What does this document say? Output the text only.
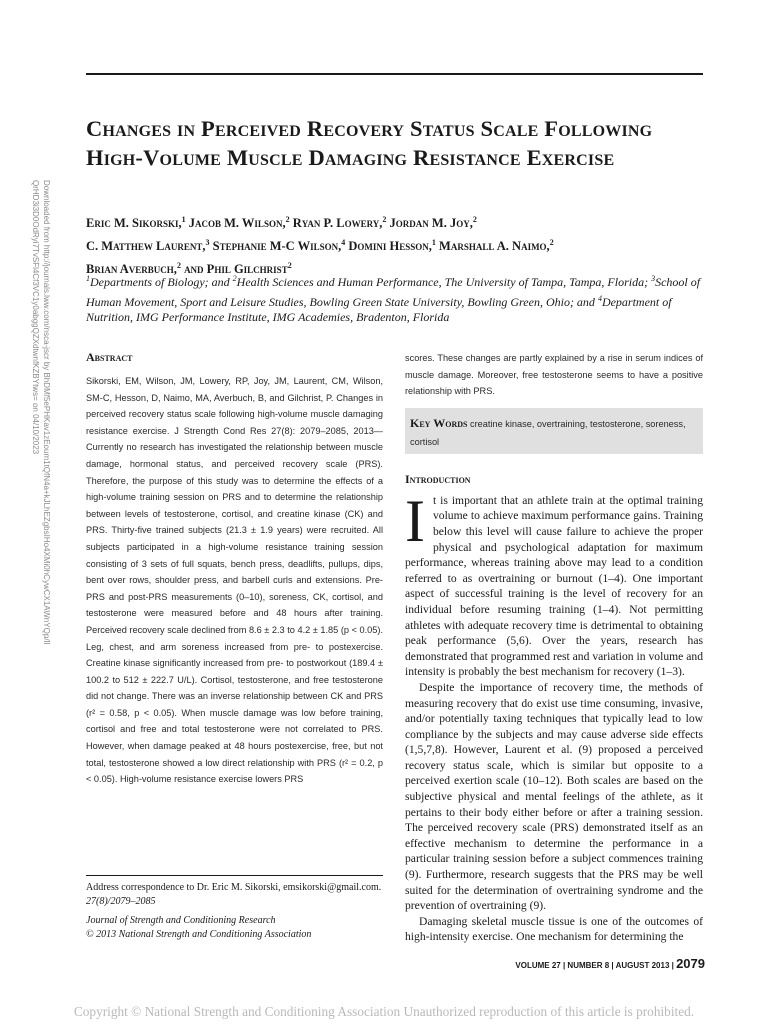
Downloaded from http://journals.lww.com/nsca-jscr by BhDMf5ePHKav1zEoum1tQfN4a+kJLhEZgbsIHo4XMi0hCywCX1AWnYQp/IlQrHD3i3D0OdRyi7TvSFl4Cf3VC1y0abggQZXdtwnfKZBYtws= on 04/10/2023
Changes in Perceived Recovery Status Scale Following High-Volume Muscle Damaging Resistance Exercise
Eric M. Sikorski,$^1$ Jacob M. Wilson,$^2$ Ryan P. Lowery,$^2$ Jordan M. Joy,$^2$
C. Matthew Laurent,$^3$ Stephanie M-C Wilson,$^4$ Domini Hesson,$^1$ Marshall A. Naimo,$^2$
Brian Averbuch,$^2$ and Phil Gilchrist$^2$
$^1$Departments of Biology; and $^2$Health Sciences and Human Performance, The University of Tampa, Tampa, Florida; $^3$School of Human Movement, Sport and Leisure Studies, Bowling Green State University, Bowling Green, Ohio; and $^4$Department of Nutrition, IMG Performance Institute, IMG Academies, Bradenton, Florida
Abstract

Sikorski, EM, Wilson, JM, Lowery, RP, Joy, JM, Laurent, CM, Wilson, SM-C, Hesson, D, Naimo, MA, Averbuch, B, and Gilchrist, P. Changes in perceived recovery status scale following high-volume muscle damaging resistance exercise. J Strength Cond Res 27(8): 2079–2085, 2013—Currently no research has investigated the relationship between muscle damage, hormonal status, and perceived recovery scale (PRS). Therefore, the purpose of this study was to determine the effects of a high-volume training session on PRS and to determine the relationship between levels of testosterone, cortisol, and creatine kinase (CK) and PRS. Thirty-five trained subjects (21.3 ± 1.9 years) were recruited. All subjects participated in a high-volume resistance training session consisting of 3 sets of full squats, bench press, deadlifts, pullups, dips, bent over rows, shoulder press, and barbell curls and extensions. Pre-PRS and post-PRS measurements (0–10), soreness, CK, cortisol, and testosterone were measured before and 48 hours after training. Perceived recovery scale declined from 8.6 ± 2.3 to 4.2 ± 1.85 (p < 0.05). Leg, chest, and arm soreness increased from pre- to postexercise. Creatine kinase significantly increased from pre- to postworkout (189.4 ± 100.2 to 512 ± 222.7 U/L). Cortisol, testosterone, and free testosterone did not change. There was an inverse relationship between CK and PRS (r² = 0.58, p < 0.05). When muscle damage was low before training, cortisol and free and total testosterone were not correlated to PRS. However, when damage peaked at 48 hours postexercise, free, but not total, testosterone showed a low direct relationship with PRS (r² = 0.2, p < 0.05). High-volume resistance exercise lowers PRS

scores. These changes are partly explained by a rise in serum indices of muscle damage. Moreover, free testosterone seems to have a positive relationship with PRS.

Key Words creatine kinase, overtraining, testosterone, soreness, cortisol
Introduction

It is important that an athlete train at the optimal training volume to achieve maximum performance gains. Training below this level will cause failure to achieve the proper physical and psychological adaptation for maximum performance, whereas training above may lead to a condition referred to as overtraining or burnout (1–4). One important aspect of successful training is the level of recovery for an individual before resuming training (1–4). Not permitting athletes with adequate recovery time is detrimental to obtaining peak performance (5,6). Over the years, research has demonstrated that programmed rest and variation in volume and intensity is probably the best mechanism for recovery (1–3).

Despite the importance of recovery time, the methods of measuring recovery that do exist use time consuming, invasive, and/or potentially taxing techniques that typically lead to low compliance by the subjects and may cause adverse side effects (1,5,7,8). However, Laurent et al. (9) proposed a perceived recovery status scale, which is similar but opposite to a perceived exertion scale (10–12). Both scales are based on the subjective physical and mental feelings of the athlete, as it pertains to their body either before or after a training session. The perceived recovery scale (PRS) demonstrated itself as an effective mechanism to determine the performance in a particular training session before a subject commences training (9). Furthermore, research suggests that the PRS may be well suited for the determination of overtraining syndrome and the prevention of overtraining (9).

Damaging skeletal muscle tissue is one of the outcomes of high-intensity exercise. One mechanism for determining the

Address correspondence to Dr. Eric M. Sikorski, emsikorski@gmail.com.
27(8)/2079–2085
Journal of Strength and Conditioning Research
© 2013 National Strength and Conditioning Association
VOLUME 27 | NUMBER 8 | AUGUST 2013 | 2079
Copyright © National Strength and Conditioning Association Unauthorized reproduction of this article is prohibited.
